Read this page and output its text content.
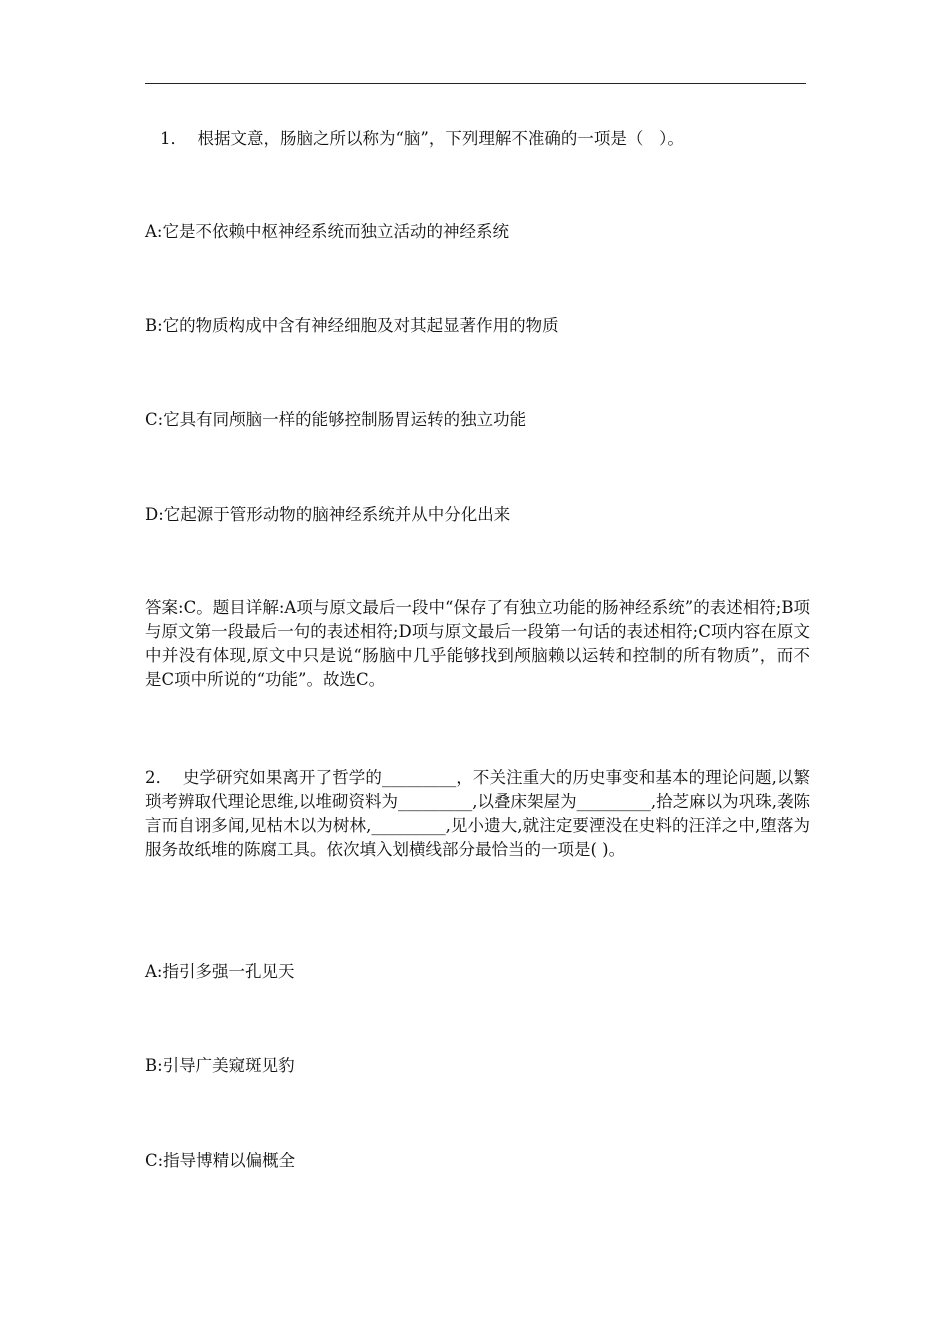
1．  根据文意，肠脑之所以称为“脑”，下列理解不准确的一项是（   ）。
A:它是不依赖中枢神经系统而独立活动的神经系统
B:它的物质构成中含有神经细胞及对其起显著作用的物质
C:它具有同颅脑一样的能够控制肠胃运转的独立功能
D:它起源于管形动物的脑神经系统并从中分化出来
答案:C。题目详解:A项与原文最后一段中“保存了有独立功能的肠神经系统”的表述相符;B项与原文第一段最后一句的表述相符;D项与原文最后一段第一句话的表述相符;C项内容在原文中并没有体现,原文中只是说“肠脑中几乎能够找到颅脑赖以运转和控制的所有物质”，而不是C项中所说的“功能”。故选C。
2．  史学研究如果离开了哲学的_________，不关注重大的历史事变和基本的理论问题,以繁琐考辨取代理论思维,以堆砌资料为_________,以叠床架屋为_________,拾芝麻以为巩珠,袭陈言而自诩多闻,见枯木以为树林,_________,见小遗大,就注定要湮没在史料的汪洋之中,堕落为服务故纸堆的陈腐工具。依次填入划横线部分最恰当的一项是( )。
A:指引多强一孔见天
B:引导广美窥斑见豹
C:指导博精以偏概全
